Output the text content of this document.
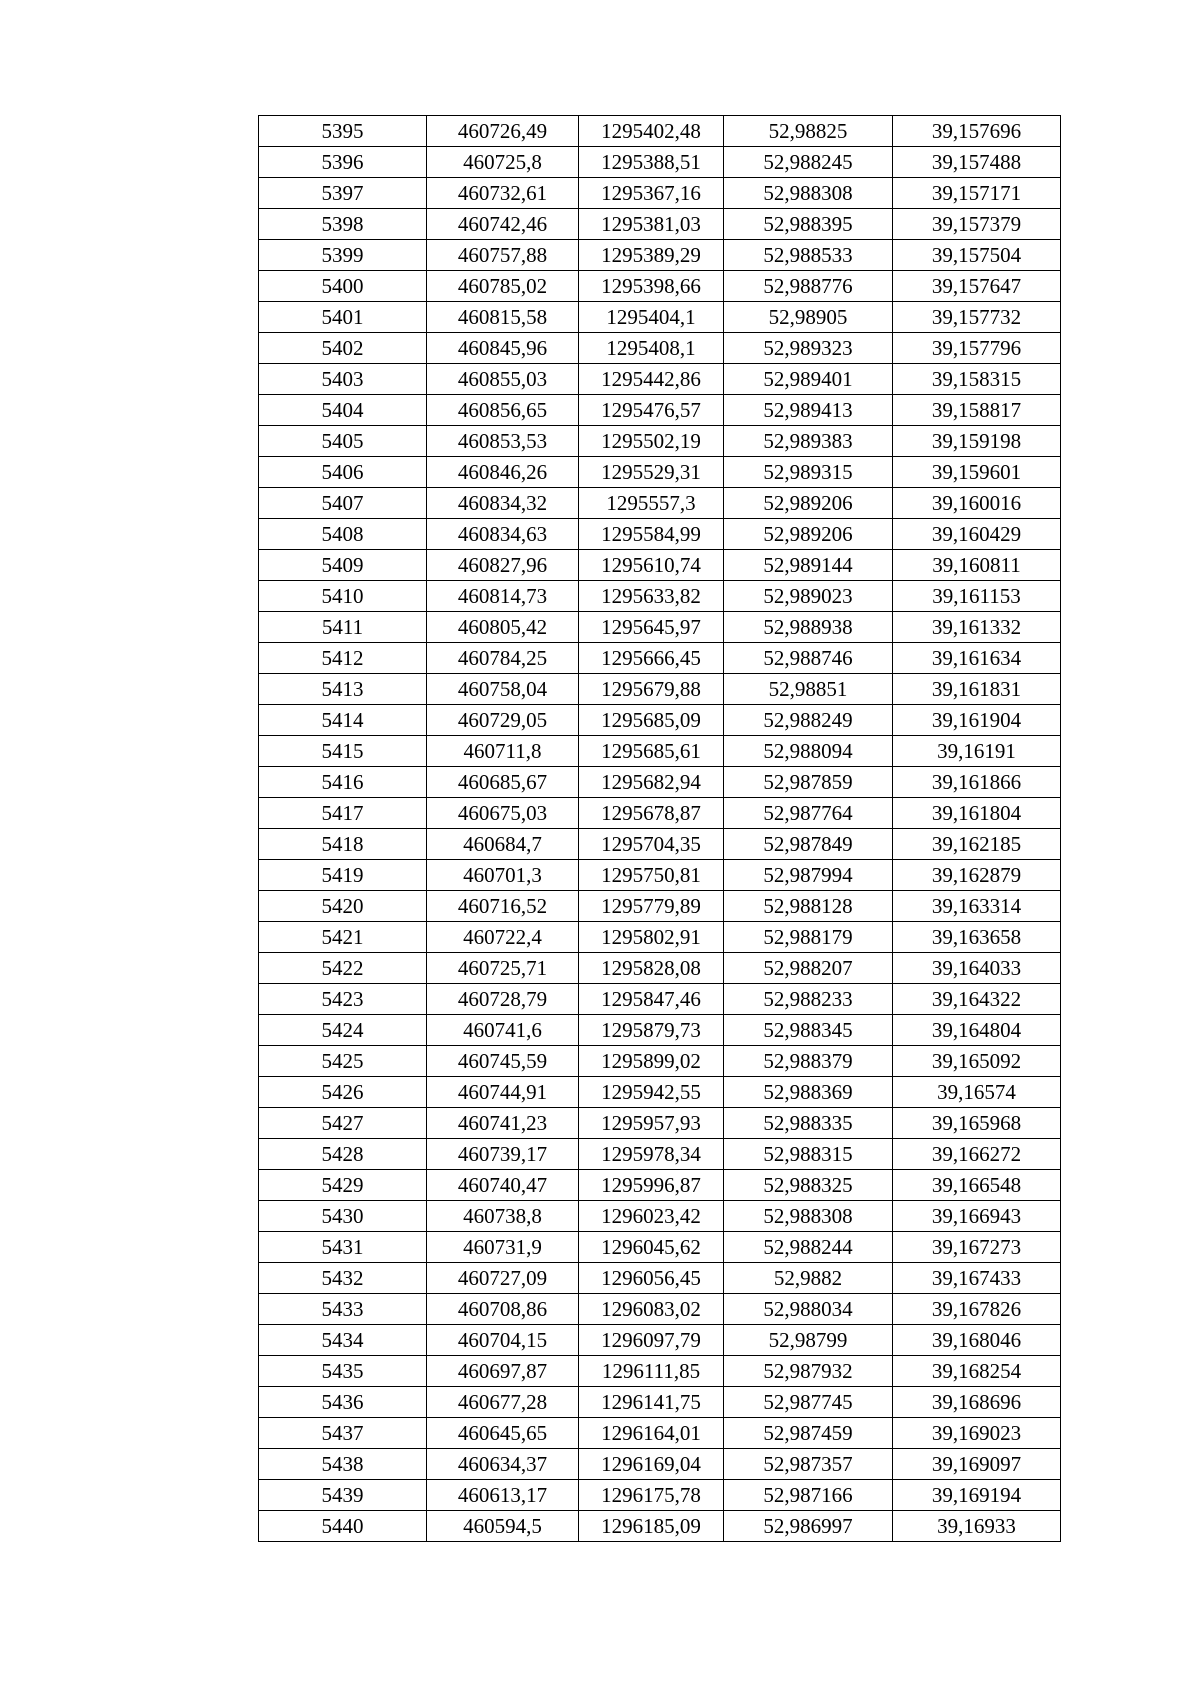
5395	460726,49	1295402,48	52,98825	39,157696
5396	460725,8	1295388,51	52,988245	39,157488
5397	460732,61	1295367,16	52,988308	39,157171
5398	460742,46	1295381,03	52,988395	39,157379
5399	460757,88	1295389,29	52,988533	39,157504
5400	460785,02	1295398,66	52,988776	39,157647
5401	460815,58	1295404,1	52,98905	39,157732
5402	460845,96	1295408,1	52,989323	39,157796
5403	460855,03	1295442,86	52,989401	39,158315
5404	460856,65	1295476,57	52,989413	39,158817
5405	460853,53	1295502,19	52,989383	39,159198
5406	460846,26	1295529,31	52,989315	39,159601
5407	460834,32	1295557,3	52,989206	39,160016
5408	460834,63	1295584,99	52,989206	39,160429
5409	460827,96	1295610,74	52,989144	39,160811
5410	460814,73	1295633,82	52,989023	39,161153
5411	460805,42	1295645,97	52,988938	39,161332
5412	460784,25	1295666,45	52,988746	39,161634
5413	460758,04	1295679,88	52,98851	39,161831
5414	460729,05	1295685,09	52,988249	39,161904
5415	460711,8	1295685,61	52,988094	39,16191
5416	460685,67	1295682,94	52,987859	39,161866
5417	460675,03	1295678,87	52,987764	39,161804
5418	460684,7	1295704,35	52,987849	39,162185
5419	460701,3	1295750,81	52,987994	39,162879
5420	460716,52	1295779,89	52,988128	39,163314
5421	460722,4	1295802,91	52,988179	39,163658
5422	460725,71	1295828,08	52,988207	39,164033
5423	460728,79	1295847,46	52,988233	39,164322
5424	460741,6	1295879,73	52,988345	39,164804
5425	460745,59	1295899,02	52,988379	39,165092
5426	460744,91	1295942,55	52,988369	39,16574
5427	460741,23	1295957,93	52,988335	39,165968
5428	460739,17	1295978,34	52,988315	39,166272
5429	460740,47	1295996,87	52,988325	39,166548
5430	460738,8	1296023,42	52,988308	39,166943
5431	460731,9	1296045,62	52,988244	39,167273
5432	460727,09	1296056,45	52,9882	39,167433
5433	460708,86	1296083,02	52,988034	39,167826
5434	460704,15	1296097,79	52,98799	39,168046
5435	460697,87	1296111,85	52,987932	39,168254
5436	460677,28	1296141,75	52,987745	39,168696
5437	460645,65	1296164,01	52,987459	39,169023
5438	460634,37	1296169,04	52,987357	39,169097
5439	460613,17	1296175,78	52,987166	39,169194
5440	460594,5	1296185,09	52,986997	39,16933
